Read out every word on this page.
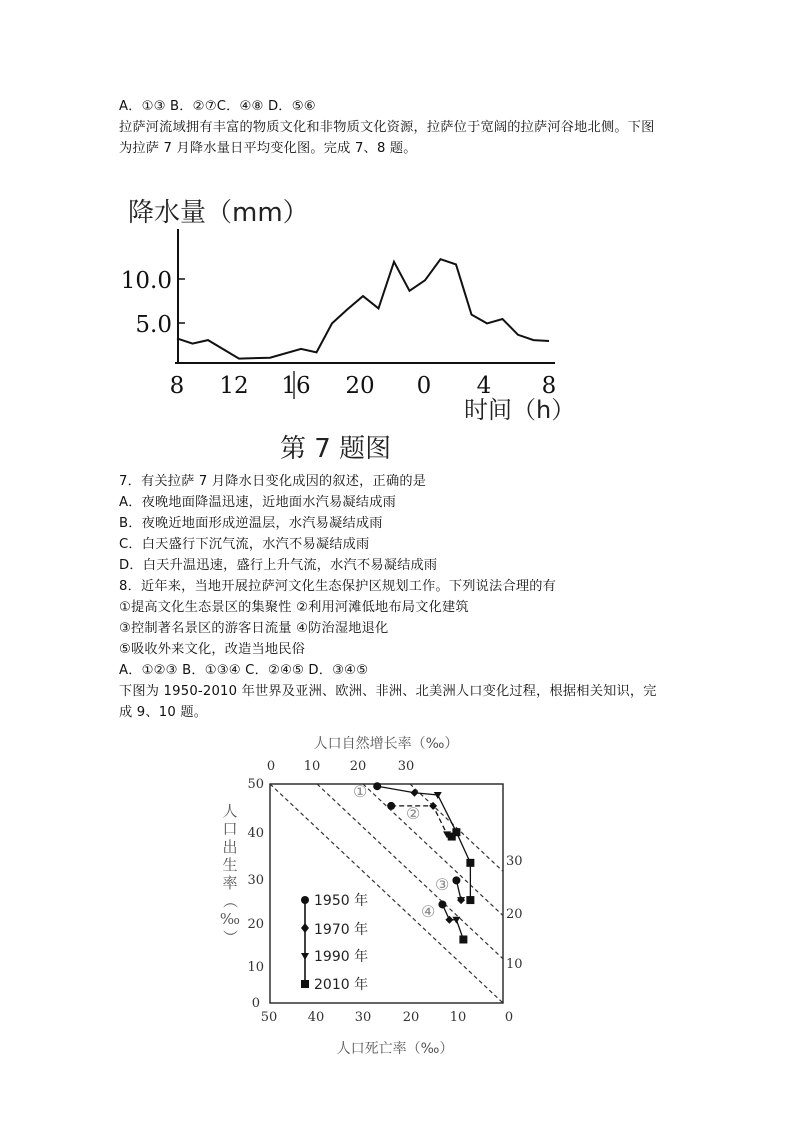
A．①③ B．②⑦C．④⑧ D．⑤⑥
拉萨河流域拥有丰富的物质文化和非物质文化资源，拉萨位于宽阔的拉萨河谷地北侧。下图
为拉萨 7 月降水量日平均变化图。完成 7、8 题。
降水量（mm）
5.0
10.0
8 12 16 20 0 4 8
时间（h）
第 7 题图
7．有关拉萨 7 月降水日变化成因的叙述，正确的是
A．夜晚地面降温迅速，近地面水汽易凝结成雨
B．夜晚近地面形成逆温层，水汽易凝结成雨
C．白天盛行下沉气流，水汽不易凝结成雨
D．白天升温迅速，盛行上升气流，水汽不易凝结成雨
8．近年来，当地开展拉萨河文化生态保护区规划工作。下列说法合理的有
①提高文化生态景区的集聚性 ②利用河滩低地布局文化建筑
③控制著名景区的游客日流量 ④防治湿地退化
⑤吸收外来文化，改造当地民俗
A．①②③ B．①③④ C．②④⑤ D．③④⑤
下图为 1950-2010 年世界及亚洲、欧洲、非洲、北美洲人口变化过程，根据相关知识，完
成 9、10 题。
人口自然增长率（‰）
0 10 20 30
30
20
10
50
40
30
20
10
0
50 40 30 20 10	0
人口死亡率（‰）
人
口
出
生
率
（
‰
）
①
②
③
④
1950 年
1970 年
1990 年
2010 年
